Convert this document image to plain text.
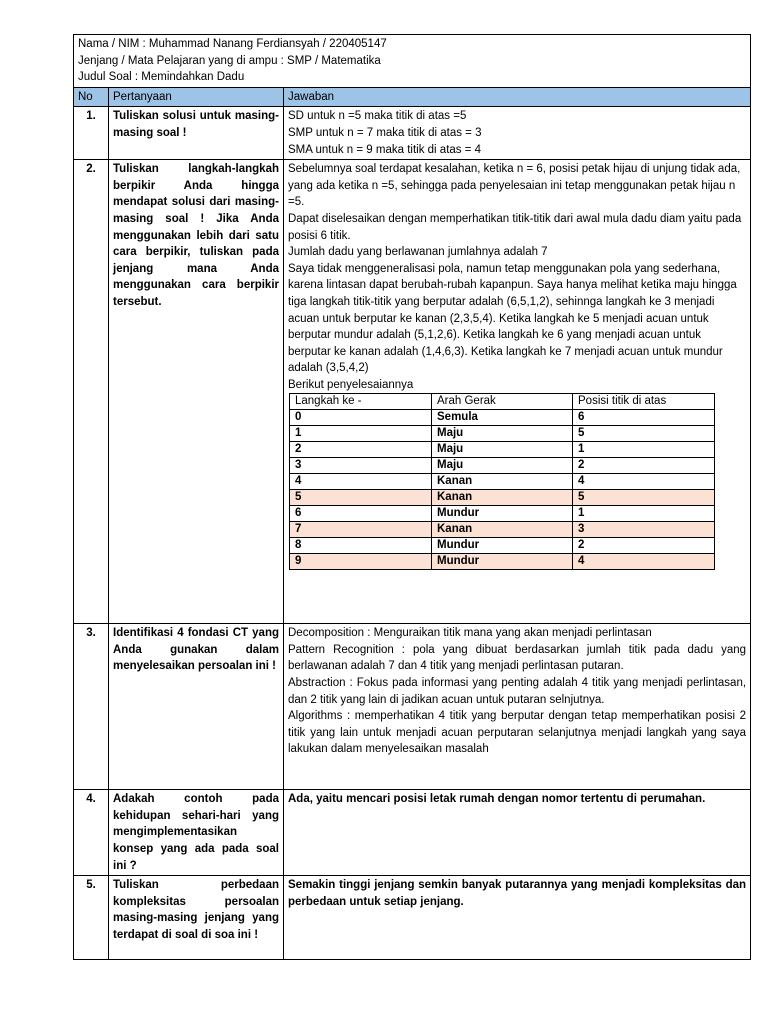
Nama / NIM : Muhammad Nanang Ferdiansyah / 220405147
Jenjang / Mata Pelajaran yang di ampu : SMP / Matematika
Judul Soal : Memindahkan Dadu

No	Pertanyaan	Jawaban
1.	Tuliskan solusi untuk masing-masing soal !	
SD untuk n =5 maka titik di atas =5
SMP untuk n = 7 maka titik di atas = 3
SMA untuk n = 9 maka titik di atas = 4

2.	Tuliskan langkah-langkah berpikir Anda hingga mendapat solusi dari masing-masing soal ! Jika Anda menggunakan lebih dari satu cara berpikir, tuliskan pada jenjang mana Anda menggunakan cara berpikir tersebut.	
Sebelumnya soal terdapat kesalahan, ketika n = 6, posisi petak hijau di unjung tidak ada, yang ada ketika n =5, sehingga pada penyelesaian ini tetap menggunakan petak hijau n =5.
Dapat diselesaikan dengan memperhatikan titik-titik dari awal mula dadu diam yaitu pada posisi 6 titik.
Jumlah dadu yang berlawanan jumlahnya adalah 7
Saya tidak menggeneralisasi pola, namun tetap menggunakan pola yang sederhana, karena lintasan dapat berubah-rubah kapanpun. Saya hanya melihat ketika maju hingga tiga langkah titik-titik yang berputar adalah (6,5,1,2), sehinnga langkah ke 3 menjadi acuan untuk berputar ke kanan (2,3,5,4). Ketika langkah ke 5 menjadi acuan untuk berputar mundur adalah (5,1,2,6). Ketika langkah ke 6 yang menjadi acuan untuk berputar ke kanan adalah (1,4,6,3). Ketika langkah ke 7 menjadi acuan untuk mundur adalah (3,5,4,2)
Berikut penyelesaiannya
Langkah ke -	Arah Gerak	Posisi titik di atas
0	Semula	6
1	Maju	5
2	Maju	1
3	Maju	2
4	Kanan	4
5	Kanan	5
6	Mundur	1
7	Kanan	3
8	Mundur	2
9	Mundur	4

3.	Identifikasi 4 fondasi CT yang Anda gunakan dalam menyelesaikan persoalan ini !	
Decomposition : Menguraikan titik mana yang akan menjadi perlintasan
Pattern Recognition : pola yang dibuat berdasarkan jumlah titik pada dadu yang berlawanan adalah 7 dan 4 titik yang menjadi perlintasan putaran.
Abstraction : Fokus pada informasi yang penting adalah 4 titik yang menjadi perlintasan, dan 2 titik yang lain di jadikan acuan untuk putaran selnjutnya.
Algorithms : memperhatikan 4 titik yang berputar dengan tetap memperhatikan posisi 2 titik yang lain untuk menjadi acuan perputaran selanjutnya menjadi langkah yang saya lakukan dalam menyelesaikan masalah

4.	Adakah contoh pada kehidupan sehari-hari yang mengimplementasikan konsep yang ada pada soal ini ?	
Ada, yaitu mencari posisi letak rumah dengan nomor tertentu di perumahan.

5.	Tuliskan perbedaan kompleksitas persoalan masing-masing jenjang yang terdapat di soal di soa ini !	
Semakin tinggi jenjang semkin banyak putarannya yang menjadi kompleksitas dan perbedaan untuk setiap jenjang.
